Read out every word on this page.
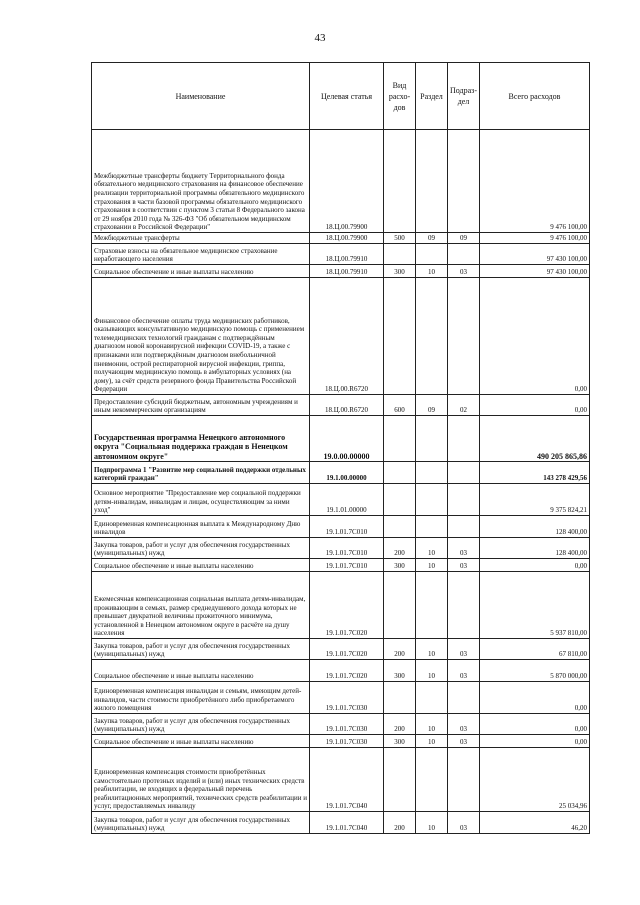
43
Наименование	Целевая статья	Вид расхо-дов	Раздел	Подраз-дел	Всего расходов
Межбюджетные трансферты бюджету Территориального фонда обязательного медицинского страхования на финансовое обеспечение реализации территориальной программы обязательного медицинского страхования в части базовой программы обязательного медицинского страхования в соответствии с пунктом 3 статьи 8 Федерального закона от 29 ноября 2010 года № 326-ФЗ "Об обязательном медицинском страховании в Российской Федерации"	18.Ц.00.79900				9 476 100,00
Межбюджетные трансферты	18.Ц.00.79900	500	09	09	9 476 100,00
Страховые взносы на обязательное медицинское страхование неработающего населения	18.Ц.00.79910				97 430 100,00
Социальное обеспечение и иные выплаты населению	18.Ц.00.79910	300	10	03	97 430 100,00
Финансовое обеспечение оплаты труда медицинских работников, оказывающих консультативную медицинскую помощь с применением телемедицинских технологий гражданам с подтверждённым диагнозом новой коронавирусной инфекции COVID-19, а также с признаками или подтверждённым диагнозом внебольничной пневмонии, острой респираторной вирусной инфекции, гриппа, получающим медицинскую помощь в амбулаторных условиях (на дому), за счёт средств резервного фонда Правительства Российской Федерации	18.Ц.00.R6720				0,00
Предоставление субсидий бюджетным, автономным учреждениям и иным некоммерческим организациям	18.Ц.00.R6720	600	09	02	0,00
Государственная программа Ненецкого автономного округа "Социальная поддержка граждан в Ненецком автономном округе"	19.0.00.00000				490 205 865,86
Подпрограмма 1 "Развитие мер социальной поддержки отдельных категорий граждан"	19.1.00.00000				143 278 429,56
Основное мероприятие "Предоставление мер социальной поддержки детям-инвалидам, инвалидам и лицам, осуществляющим за ними уход"	19.1.01.00000				9 375 824,21
Единовременная компенсационная выплата к Международному Дню инвалидов	19.1.01.7С010				128 400,00
Закупка товаров, работ и услуг для обеспечения государственных (муниципальных) нужд	19.1.01.7С010	200	10	03	128 400,00
Социальное обеспечение и иные выплаты населению	19.1.01.7С010	300	10	03	0,00
Ежемесячная компенсационная социальная выплата детям-инвалидам, проживающим в семьях, размер среднедушевого дохода которых не превышает двукратной величины прожиточного минимума, установленной в Ненецком автономном округе в расчёте на душу населения	19.1.01.7С020				5 937 810,00
Закупка товаров, работ и услуг для обеспечения государственных (муниципальных) нужд	19.1.01.7С020	200	10	03	67 810,00
Социальное обеспечение и иные выплаты населению	19.1.01.7С020	300	10	03	5 870 000,00
Единовременная компенсация инвалидам и семьям, имеющим детей-инвалидов, части стоимости приобретённого либо приобретаемого жилого помещения	19.1.01.7С030				0,00
Закупка товаров, работ и услуг для обеспечения государственных (муниципальных) нужд	19.1.01.7С030	200	10	03	0,00
Социальное обеспечение и иные выплаты населению	19.1.01.7С030	300	10	03	0,00
Единовременная компенсация стоимости приобретённых самостоятельно протезных изделий и (или) иных технических средств реабилитации, не входящих в федеральный перечень реабилитационных мероприятий, технических средств реабилитации и услуг, предоставляемых инвалиду	19.1.01.7С040				25 034,96
Закупка товаров, работ и услуг для обеспечения государственных (муниципальных) нужд	19.1.01.7С040	200	10	03	46,20
